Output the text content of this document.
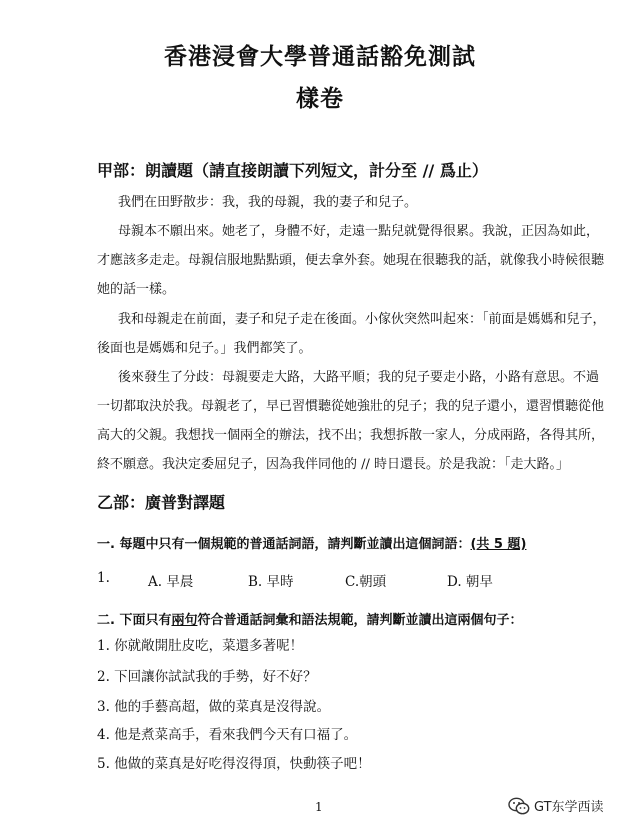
香港浸會大學普通話豁免測試
樣卷
甲部：朗讀題（請直接朗讀下列短文，計分至 // 爲止）
我們在田野散步：我，我的母親，我的妻子和兒子。
母親本不願出來。她老了，身體不好，走遠一點兒就覺得很累。我說，正因為如此，
才應該多走走。母親信服地點點頭，便去拿外套。她現在很聽我的話，就像我小時候很聽
她的話一樣。
我和母親走在前面，妻子和兒子走在後面。小傢伙突然叫起來：「前面是媽媽和兒子，
後面也是媽媽和兒子。」我們都笑了。
後來發生了分歧：母親要走大路，大路平順；我的兒子要走小路，小路有意思。不過
一切都取決於我。母親老了，早已習慣聽從她強壯的兒子；我的兒子還小，還習慣聽從他
高大的父親。我想找一個兩全的辦法，找不出；我想拆散一家人，分成兩路，各得其所，
終不願意。我決定委屈兒子，因為我伴同他的 // 時日還長。於是我說：「走大路。」
乙部：廣普對譯題
一. 每題中只有一個規範的普通話詞語，請判斷並讀出這個詞語：(共 5 題)
1.	A. 早晨	B. 早時	C.朝頭	D. 朝早
二. 下面只有兩句符合普通話詞彙和語法規範，請判斷並讀出這兩個句子：
1. 你就敞開肚皮吃，菜還多著呢！
2. 下回讓你試試我的手勢，好不好？
3. 他的手藝高超，做的菜真是沒得說。
4. 他是煮菜高手，看來我們今天有口福了。
5. 他做的菜真是好吃得沒得頂，快動筷子吧！
1	GT东学西读
